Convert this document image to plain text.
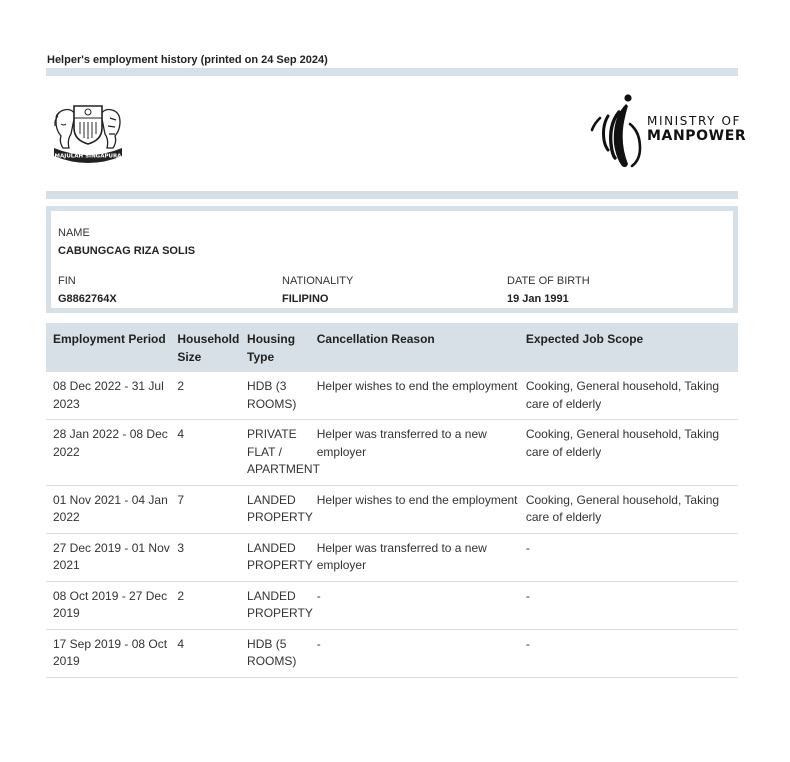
Helper's employment history (printed on 24 Sep 2024)
MAJULAH SINGAPURA
MINISTRY OF
MANPOWER
NAME
CABUNGCAG RIZA SOLIS
FIN
G8862764X
NATIONALITY
FILIPINO
DATE OF BIRTH
19 Jan 1991
Employment Period	Household Size	Housing Type	Cancellation Reason	Expected Job Scope
08 Dec 2022 - 31 Jul 2023	2	HDB (3 ROOMS)	Helper wishes to end the employment	Cooking, General household, Taking care of elderly
28 Jan 2022 - 08 Dec 2022	4	PRIVATE FLAT / APARTMENT	Helper was transferred to a new employer	Cooking, General household, Taking care of elderly
01 Nov 2021 - 04 Jan 2022	7	LANDED PROPERTY	Helper wishes to end the employment	Cooking, General household, Taking care of elderly
27 Dec 2019 - 01 Nov 2021	3	LANDED PROPERTY	Helper was transferred to a new employer	-
08 Oct 2019 - 27 Dec 2019	2	LANDED PROPERTY	-	-
17 Sep 2019 - 08 Oct 2019	4	HDB (5 ROOMS)	-	-
